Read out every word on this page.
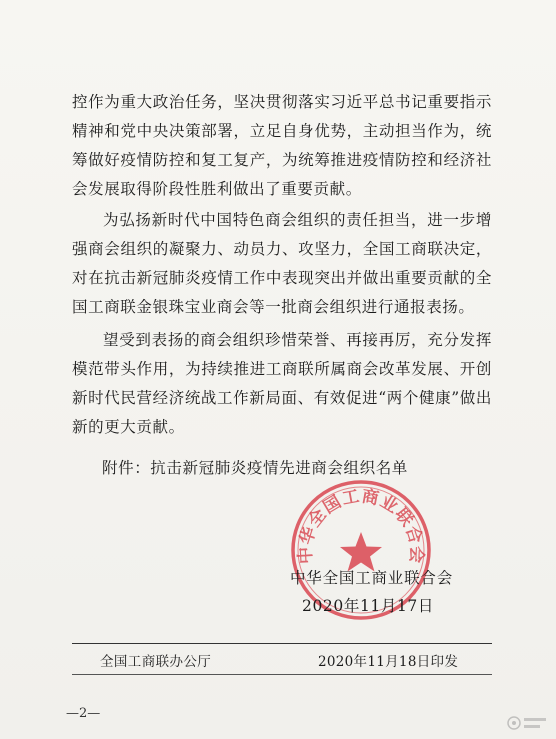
控作为重大政治任务，坚决贯彻落实习近平总书记重要指示精神和党中央决策部署，立足自身优势，主动担当作为，统筹做好疫情防控和复工复产，为统筹推进疫情防控和经济社会发展取得阶段性胜利做出了重要贡献。

为弘扬新时代中国特色商会组织的责任担当，进一步增强商会组织的凝聚力、动员力、攻坚力，全国工商联决定，对在抗击新冠肺炎疫情工作中表现突出并做出重要贡献的全国工商联金银珠宝业商会等一批商会组织进行通报表扬。

望受到表扬的商会组织珍惜荣誉、再接再厉，充分发挥模范带头作用，为持续推进工商联所属商会改革发展、开创新时代民营经济统战工作新局面、有效促进“两个健康”做出新的更大贡献。

附件：抗击新冠肺炎疫情先进商会组织名单
中华全国工商业联合会
中华全国工商业联合会
2020年11月17日
全国工商联办公厅	2020年11月18日印发
—2—
